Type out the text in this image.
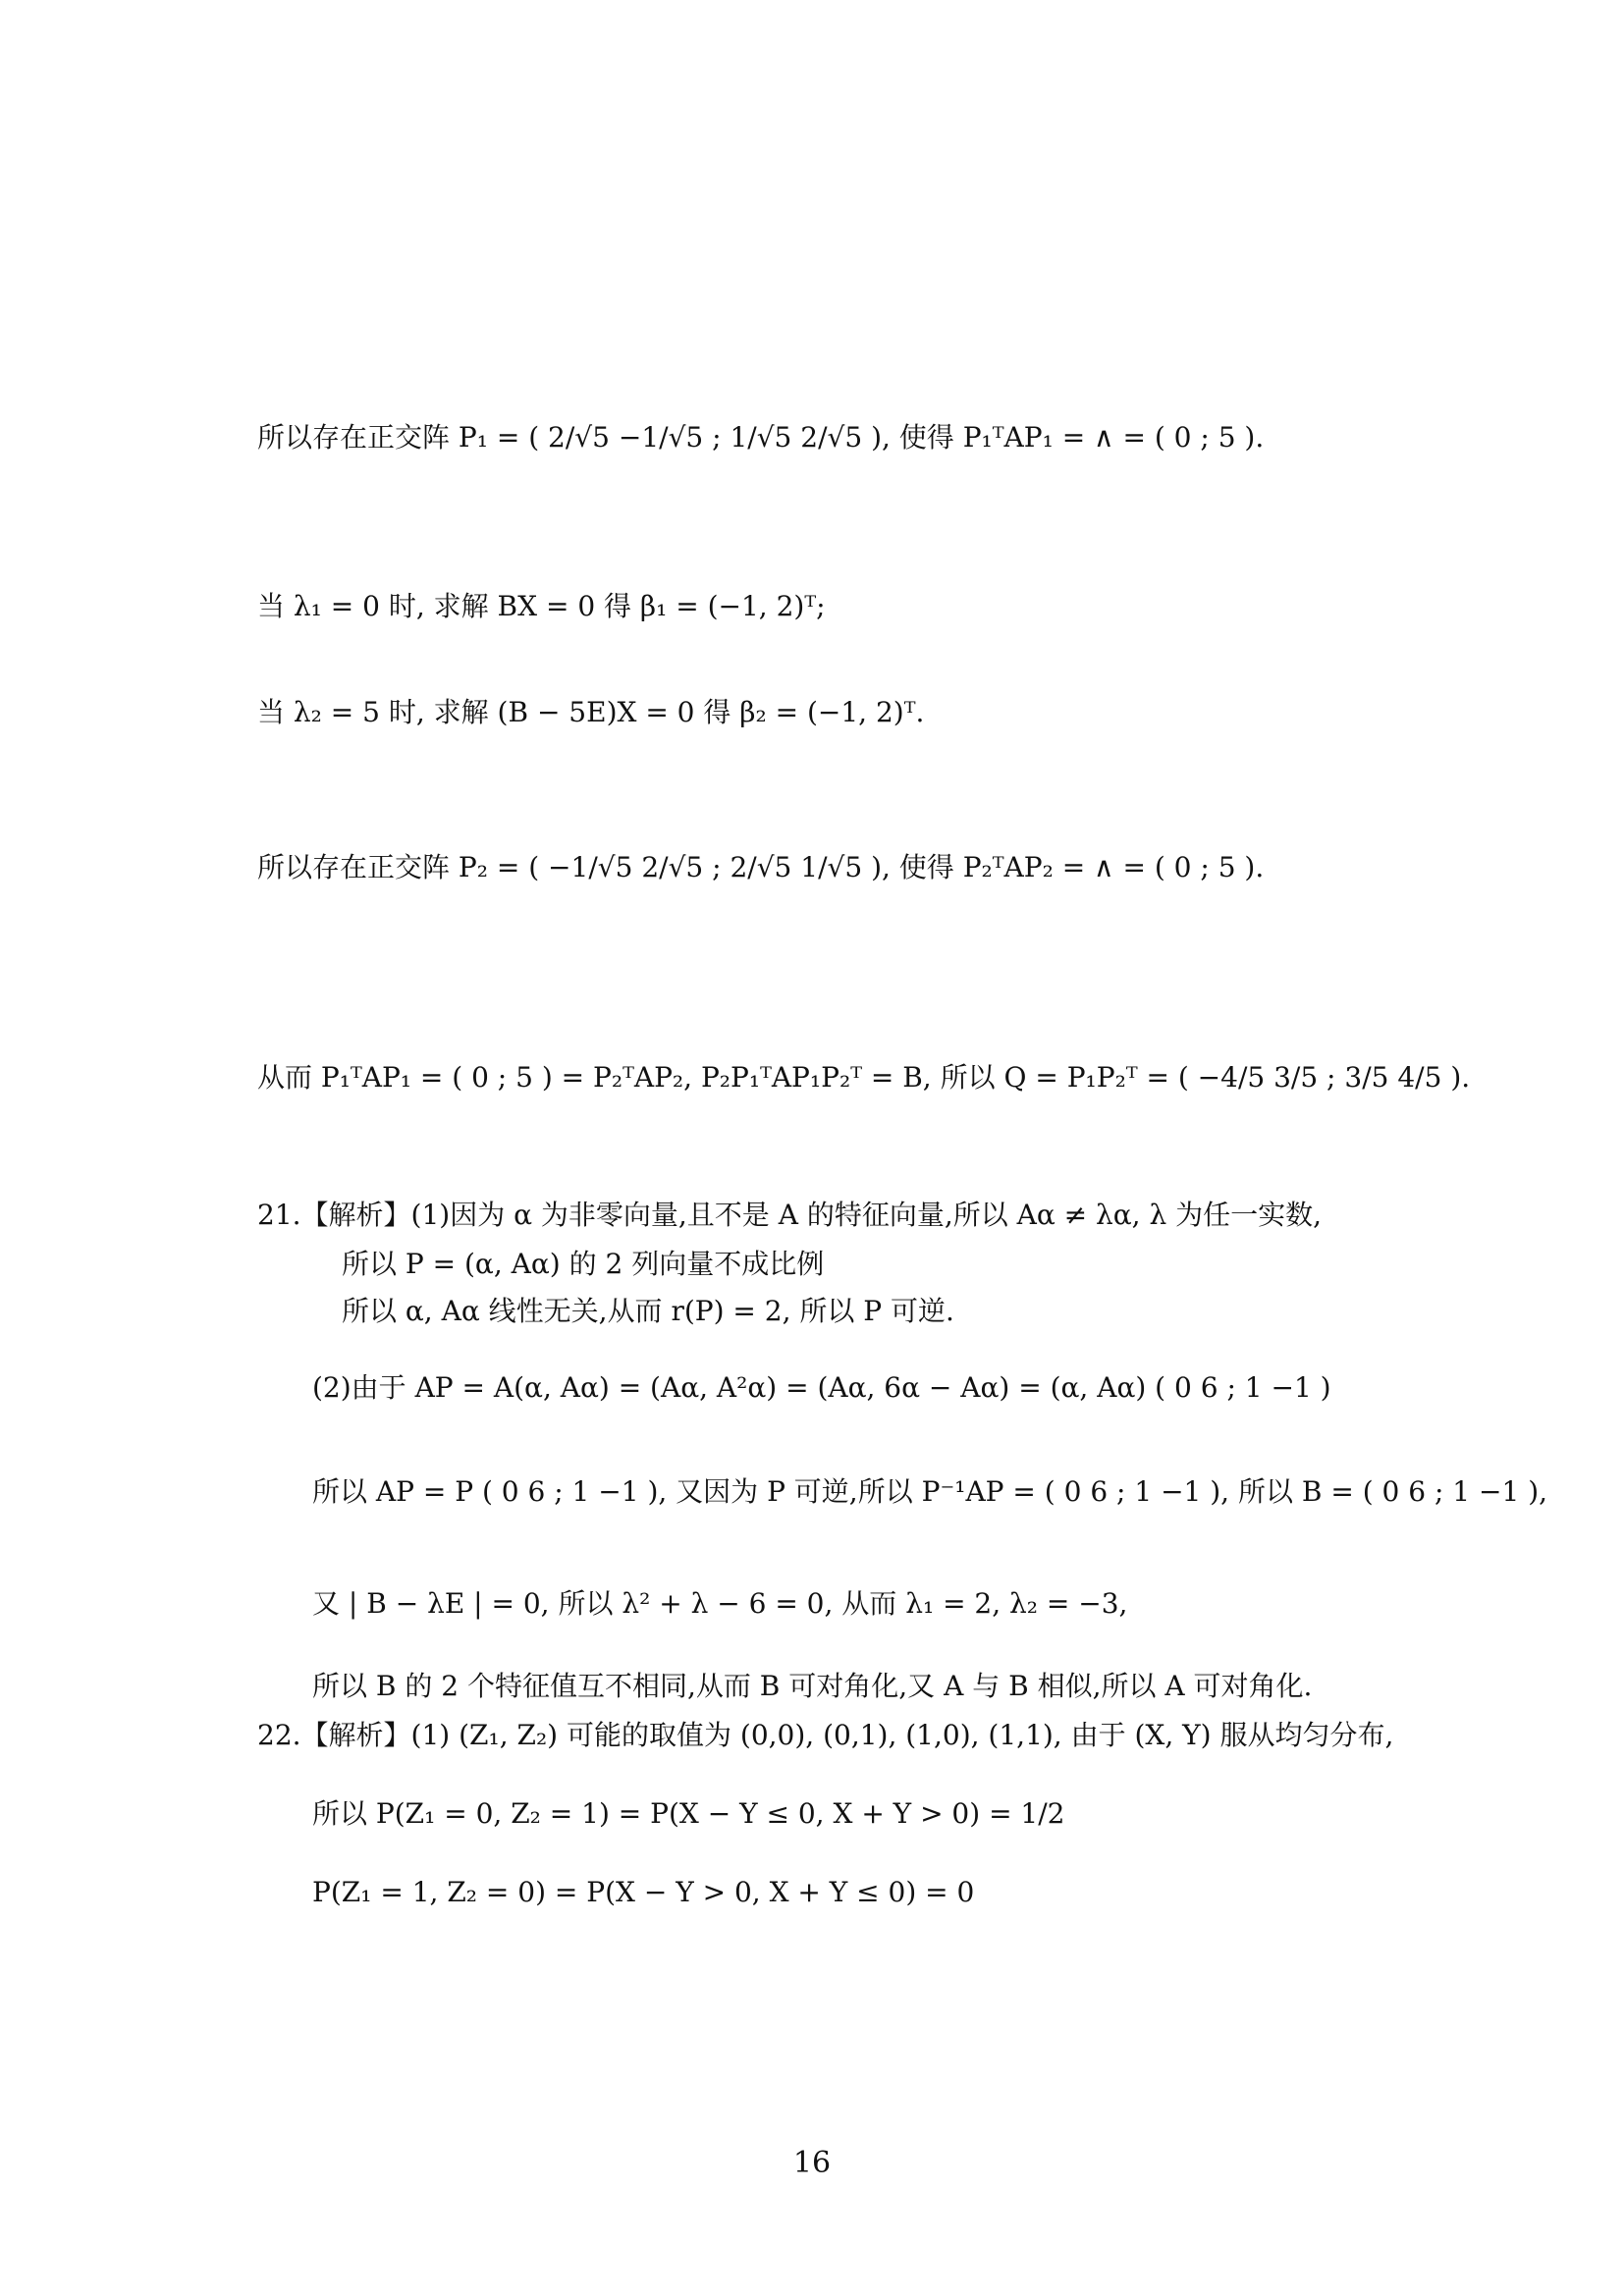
所以存在正交阵 P₁ = ( 2/√5 −1/√5 ; 1/√5 2/√5 ), 使得 P₁ᵀAP₁ = ∧ = ( 0 ; 5 ).
当 λ₁ = 0 时, 求解 BX = 0 得 β₁ = (−1, 2)ᵀ;
当 λ₂ = 5 时, 求解 (B − 5E)X = 0 得 β₂ = (−1, 2)ᵀ.
所以存在正交阵 P₂ = ( −1/√5 2/√5 ; 2/√5 1/√5 ), 使得 P₂ᵀAP₂ = ∧ = ( 0 ; 5 ).
从而 P₁ᵀAP₁ = ( 0 ; 5 ) = P₂ᵀAP₂, P₂P₁ᵀAP₁P₂ᵀ = B, 所以 Q = P₁P₂ᵀ = ( −4/5 3/5 ; 3/5 4/5 ).
21.【解析】(1)因为 α 为非零向量,且不是 A 的特征向量,所以 Aα ≠ λα, λ 为任一实数,
所以 P = (α, Aα) 的 2 列向量不成比例
所以 α, Aα 线性无关,从而 r(P) = 2, 所以 P 可逆.
(2)由于 AP = A(α, Aα) = (Aα, A²α) = (Aα, 6α − Aα) = (α, Aα) ( 0 6 ; 1 −1 )
所以 AP = P ( 0 6 ; 1 −1 ), 又因为 P 可逆,所以 P⁻¹AP = ( 0 6 ; 1 −1 ), 所以 B = ( 0 6 ; 1 −1 ),
又 | B − λE | = 0, 所以 λ² + λ − 6 = 0, 从而 λ₁ = 2, λ₂ = −3,
所以 B 的 2 个特征值互不相同,从而 B 可对角化,又 A 与 B 相似,所以 A 可对角化.
22.【解析】(1) (Z₁, Z₂) 可能的取值为 (0,0), (0,1), (1,0), (1,1), 由于 (X, Y) 服从均匀分布,
所以 P(Z₁ = 0, Z₂ = 1) = P(X − Y ≤ 0, X + Y > 0) = 1/2
P(Z₁ = 1, Z₂ = 0) = P(X − Y > 0, X + Y ≤ 0) = 0
16
